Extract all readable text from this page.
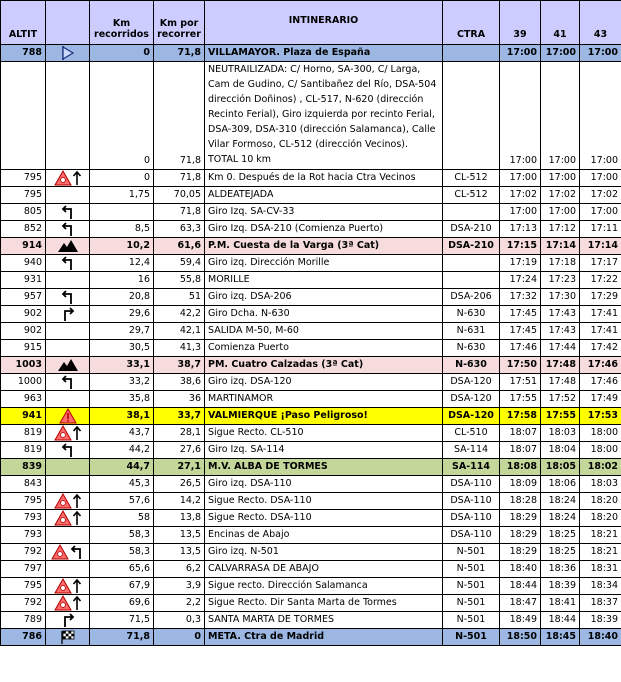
ALTIT		Km recorridos	Km por recorrer	INTINERARIO	CTRA	39	41	43
788		0	71,8	VILLAMAYOR. Plaza de España		17:00	17:00	17:00
		0	71,8	NEUTRAILIZADA: C/ Horno, SA-300, C/ Larga, Cam de Gudino, C/ Santibañez del Río, DSA-504 dirección Doñinos) , CL-517, N-620 (dirección Recinto Ferial), Giro izquierda por recinto Ferial, DSA-309, DSA-310 (dirección Salamanca), Calle Vilar Formoso, CL-512 (dirección Vecinos). TOTAL 10 km		17:00	17:00	17:00
795		0	71,8	Km 0. Después de la Rot hacia Ctra Vecinos	CL-512	17:00	17:00	17:00
795		1,75	70,05	ALDEATEJADA	CL-512	17:02	17:02	17:02
805			71,8	Giro Izq. SA-CV-33		17:00	17:00	17:00
852		8,5	63,3	Giro Izq. DSA-210 (Comienza Puerto)	DSA-210	17:13	17:12	17:11
914		10,2	61,6	P.M. Cuesta de la Varga (3ª Cat)	DSA-210	17:15	17:14	17:14
940		12,4	59,4	Giro izq. Dirección Morille		17:19	17:18	17:17
931		16	55,8	MORILLE		17:24	17:23	17:22
957		20,8	51	Giro izq. DSA-206	DSA-206	17:32	17:30	17:29
902		29,6	42,2	Giro Dcha. N-630	N-630	17:45	17:43	17:41
902		29,7	42,1	SALIDA M-50, M-60	N-631	17:45	17:43	17:41
915		30,5	41,3	Comienza Puerto	N-630	17:46	17:44	17:42
1003		33,1	38,7	PM. Cuatro Calzadas (3ª Cat)	N-630	17:50	17:48	17:46
1000		33,2	38,6	Giro izq. DSA-120	DSA-120	17:51	17:48	17:46
963		35,8	36	MARTINAMOR	DSA-120	17:55	17:52	17:49
941		38,1	33,7	VALMIERQUE ¡Paso Peligroso!	DSA-120	17:58	17:55	17:53
819		43,7	28,1	Sigue Recto. CL-510	CL-510	18:07	18:03	18:00
819		44,2	27,6	Giro Izq. SA-114	SA-114	18:07	18:04	18:00
839		44,7	27,1	M.V. ALBA DE TORMES	SA-114	18:08	18:05	18:02
843		45,3	26,5	Giro izq. DSA-110	DSA-110	18:09	18:06	18:03
795		57,6	14,2	Sigue Recto. DSA-110	DSA-110	18:28	18:24	18:20
793		58	13,8	Sigue Recto. DSA-110	DSA-110	18:29	18:24	18:20
793		58,3	13,5	Encinas de Abajo	DSA-110	18:29	18:25	18:21
792		58,3	13,5	Giro izq. N-501	N-501	18:29	18:25	18:21
797		65,6	6,2	CALVARRASA DE ABAJO	N-501	18:40	18:36	18:31
795		67,9	3,9	Sigue recto. Dirección Salamanca	N-501	18:44	18:39	18:34
792		69,6	2,2	Sigue Recto. Dir Santa Marta de Tormes	N-501	18:47	18:41	18:37
789		71,5	0,3	SANTA MARTA DE TORMES	N-501	18:49	18:44	18:39
786		71,8	0	META. Ctra de Madrid	N-501	18:50	18:45	18:40
